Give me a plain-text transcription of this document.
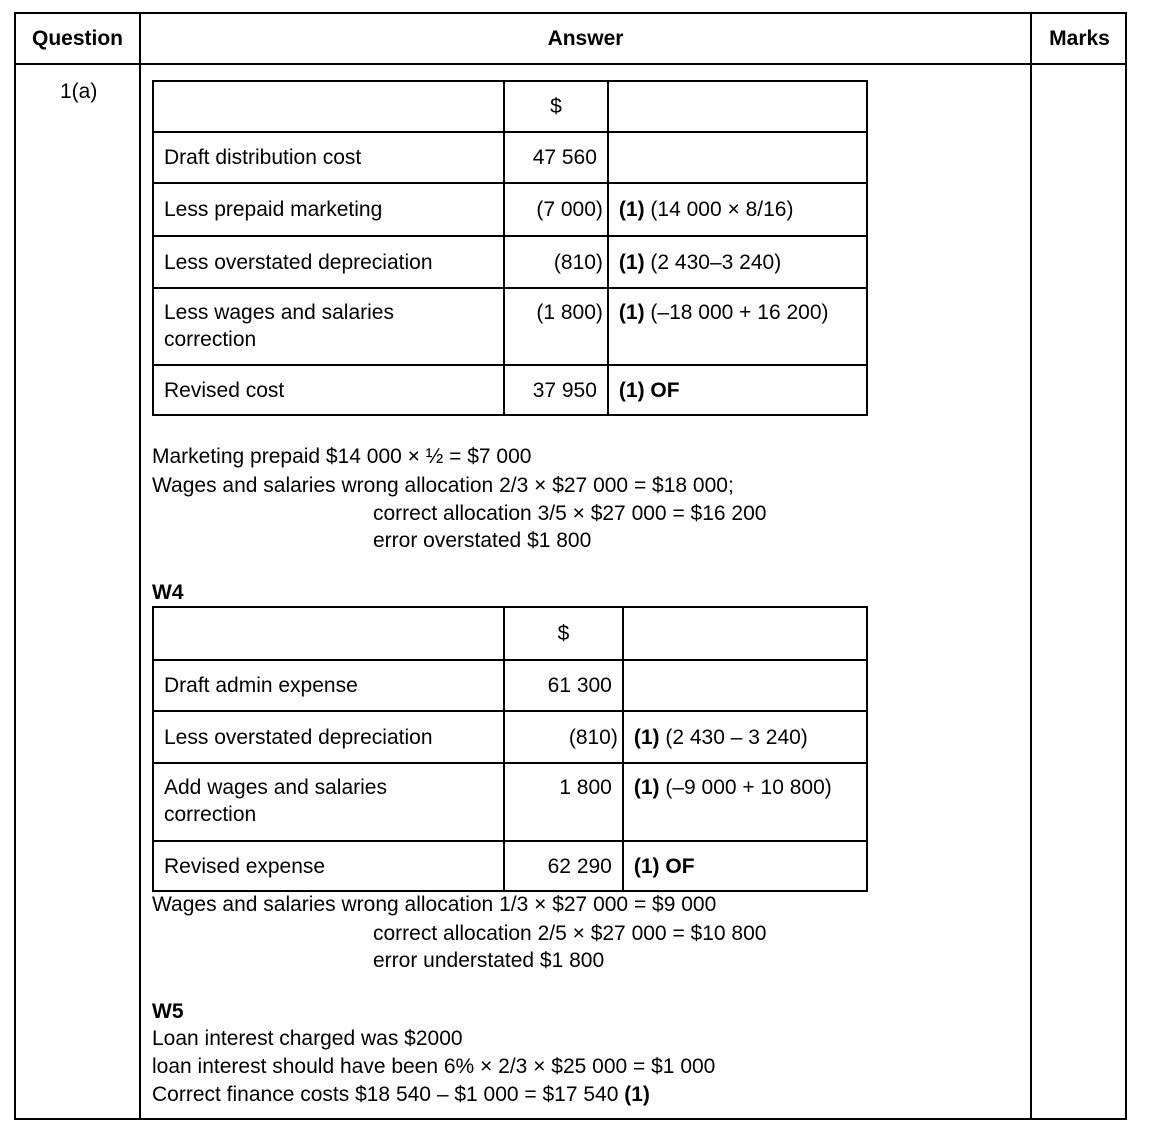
Question	Answer	Marks
1(a)
	$	
Draft distribution cost	47 560	
Less prepaid marketing	(7 000)	(1) (14 000 × 8/16)
Less overstated depreciation	(810)	(1) (2 430–3 240)
Less wages and salaries correction	(1 800)	(1) (–18 000 + 16 200)
Revised cost	37 950	(1) OF
Marketing prepaid $14 000 × ½ = $7 000
Wages and salaries wrong allocation 2/3 × $27 000 = $18 000;
correct allocation 3/5 × $27 000 = $16 200
error overstated $1 800
W4
	$	
Draft admin expense	61 300	
Less overstated depreciation	(810)	(1) (2 430 – 3 240)
Add wages and salaries correction	1 800	(1) (–9 000 + 10 800)
Revised expense	62 290	(1) OF
Wages and salaries wrong allocation 1/3 × $27 000 = $9 000
correct allocation 2/5 × $27 000 = $10 800
error understated $1 800
W5
Loan interest charged was $2000
loan interest should have been 6% × 2/3 × $25 000 = $1 000
Correct finance costs $18 540 – $1 000 = $17 540 (1)
